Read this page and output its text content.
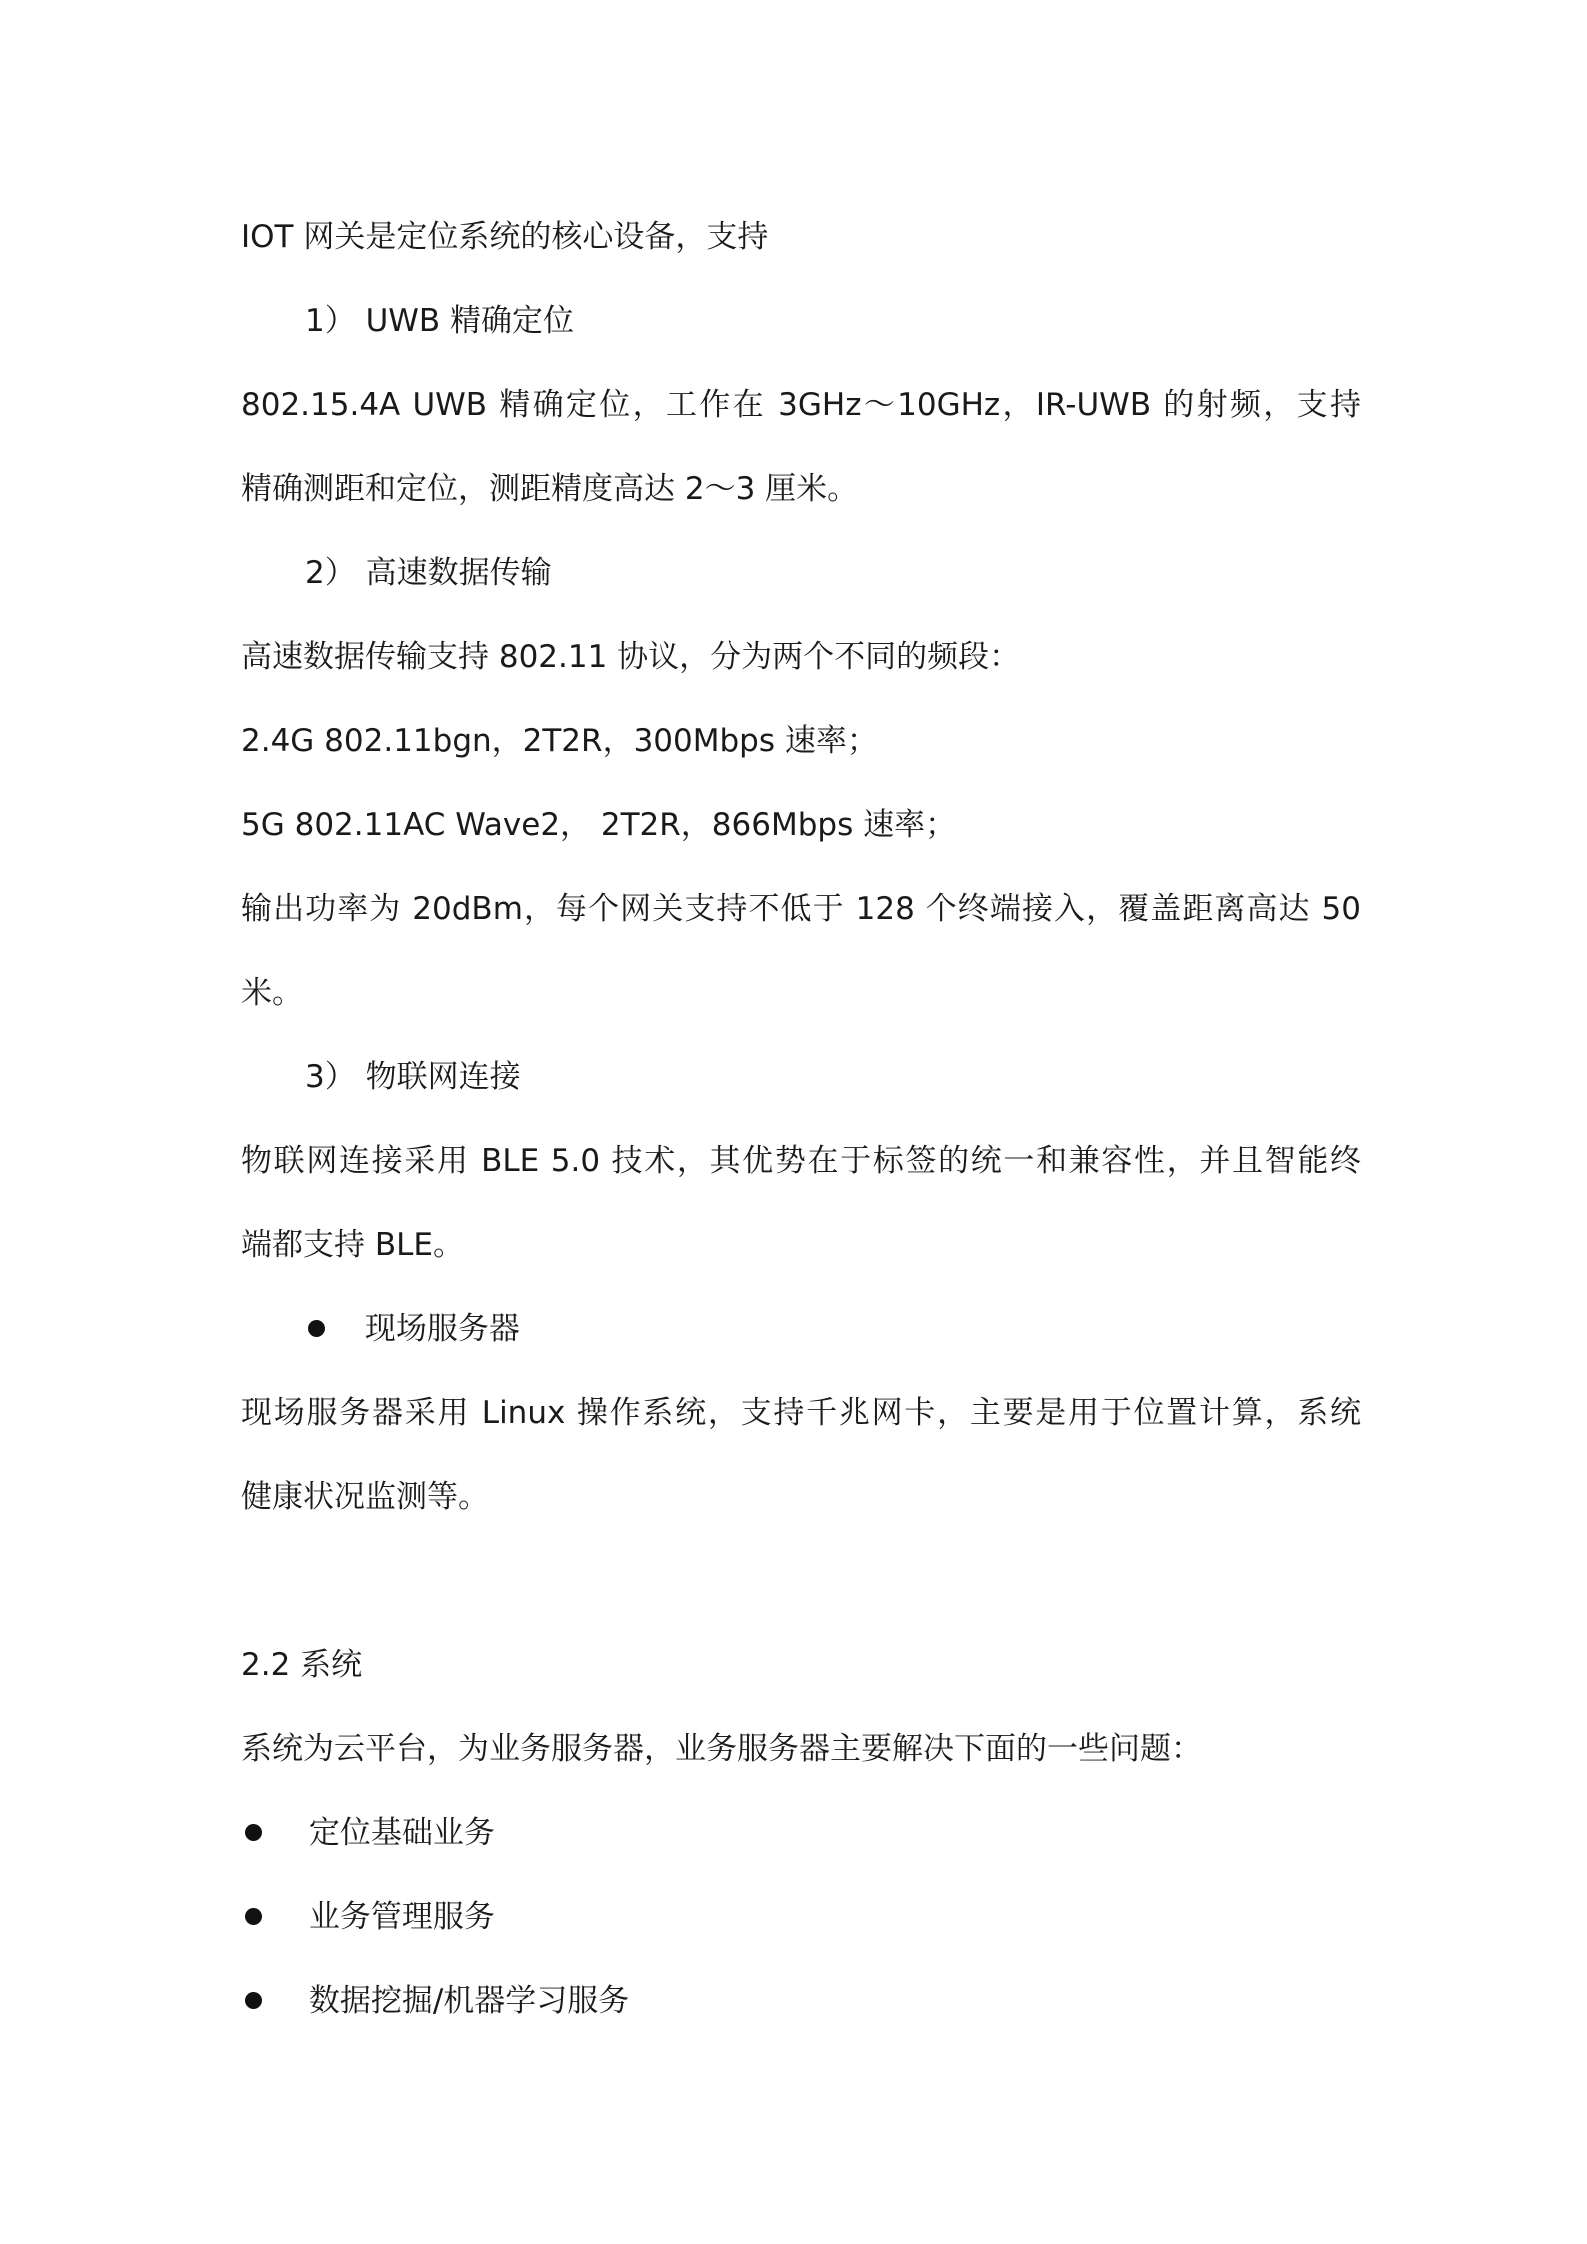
IOT 网关是定位系统的核心设备，支持
1） UWB 精确定位
802.15.4A UWB 精确定位，工作在 3GHz～10GHz，IR-UWB 的射频，支持
精确测距和定位，测距精度高达 2～3 厘米。
2） 高速数据传输
高速数据传输支持 802.11 协议，分为两个不同的频段：
2.4G 802.11bgn，2T2R，300Mbps 速率；
5G 802.11AC Wave2， 2T2R，866Mbps 速率；
输出功率为 20dBm，每个网关支持不低于 128 个终端接入，覆盖距离高达 50
米。
3） 物联网连接
物联网连接采用 BLE 5.0 技术，其优势在于标签的统一和兼容性，并且智能终
端都支持 BLE。
现场服务器
现场服务器采用 Linux 操作系统，支持千兆网卡，主要是用于位置计算，系统
健康状况监测等。
2.2 系统
系统为云平台，为业务服务器，业务服务器主要解决下面的一些问题：
定位基础业务
业务管理服务
数据挖掘/机器学习服务
